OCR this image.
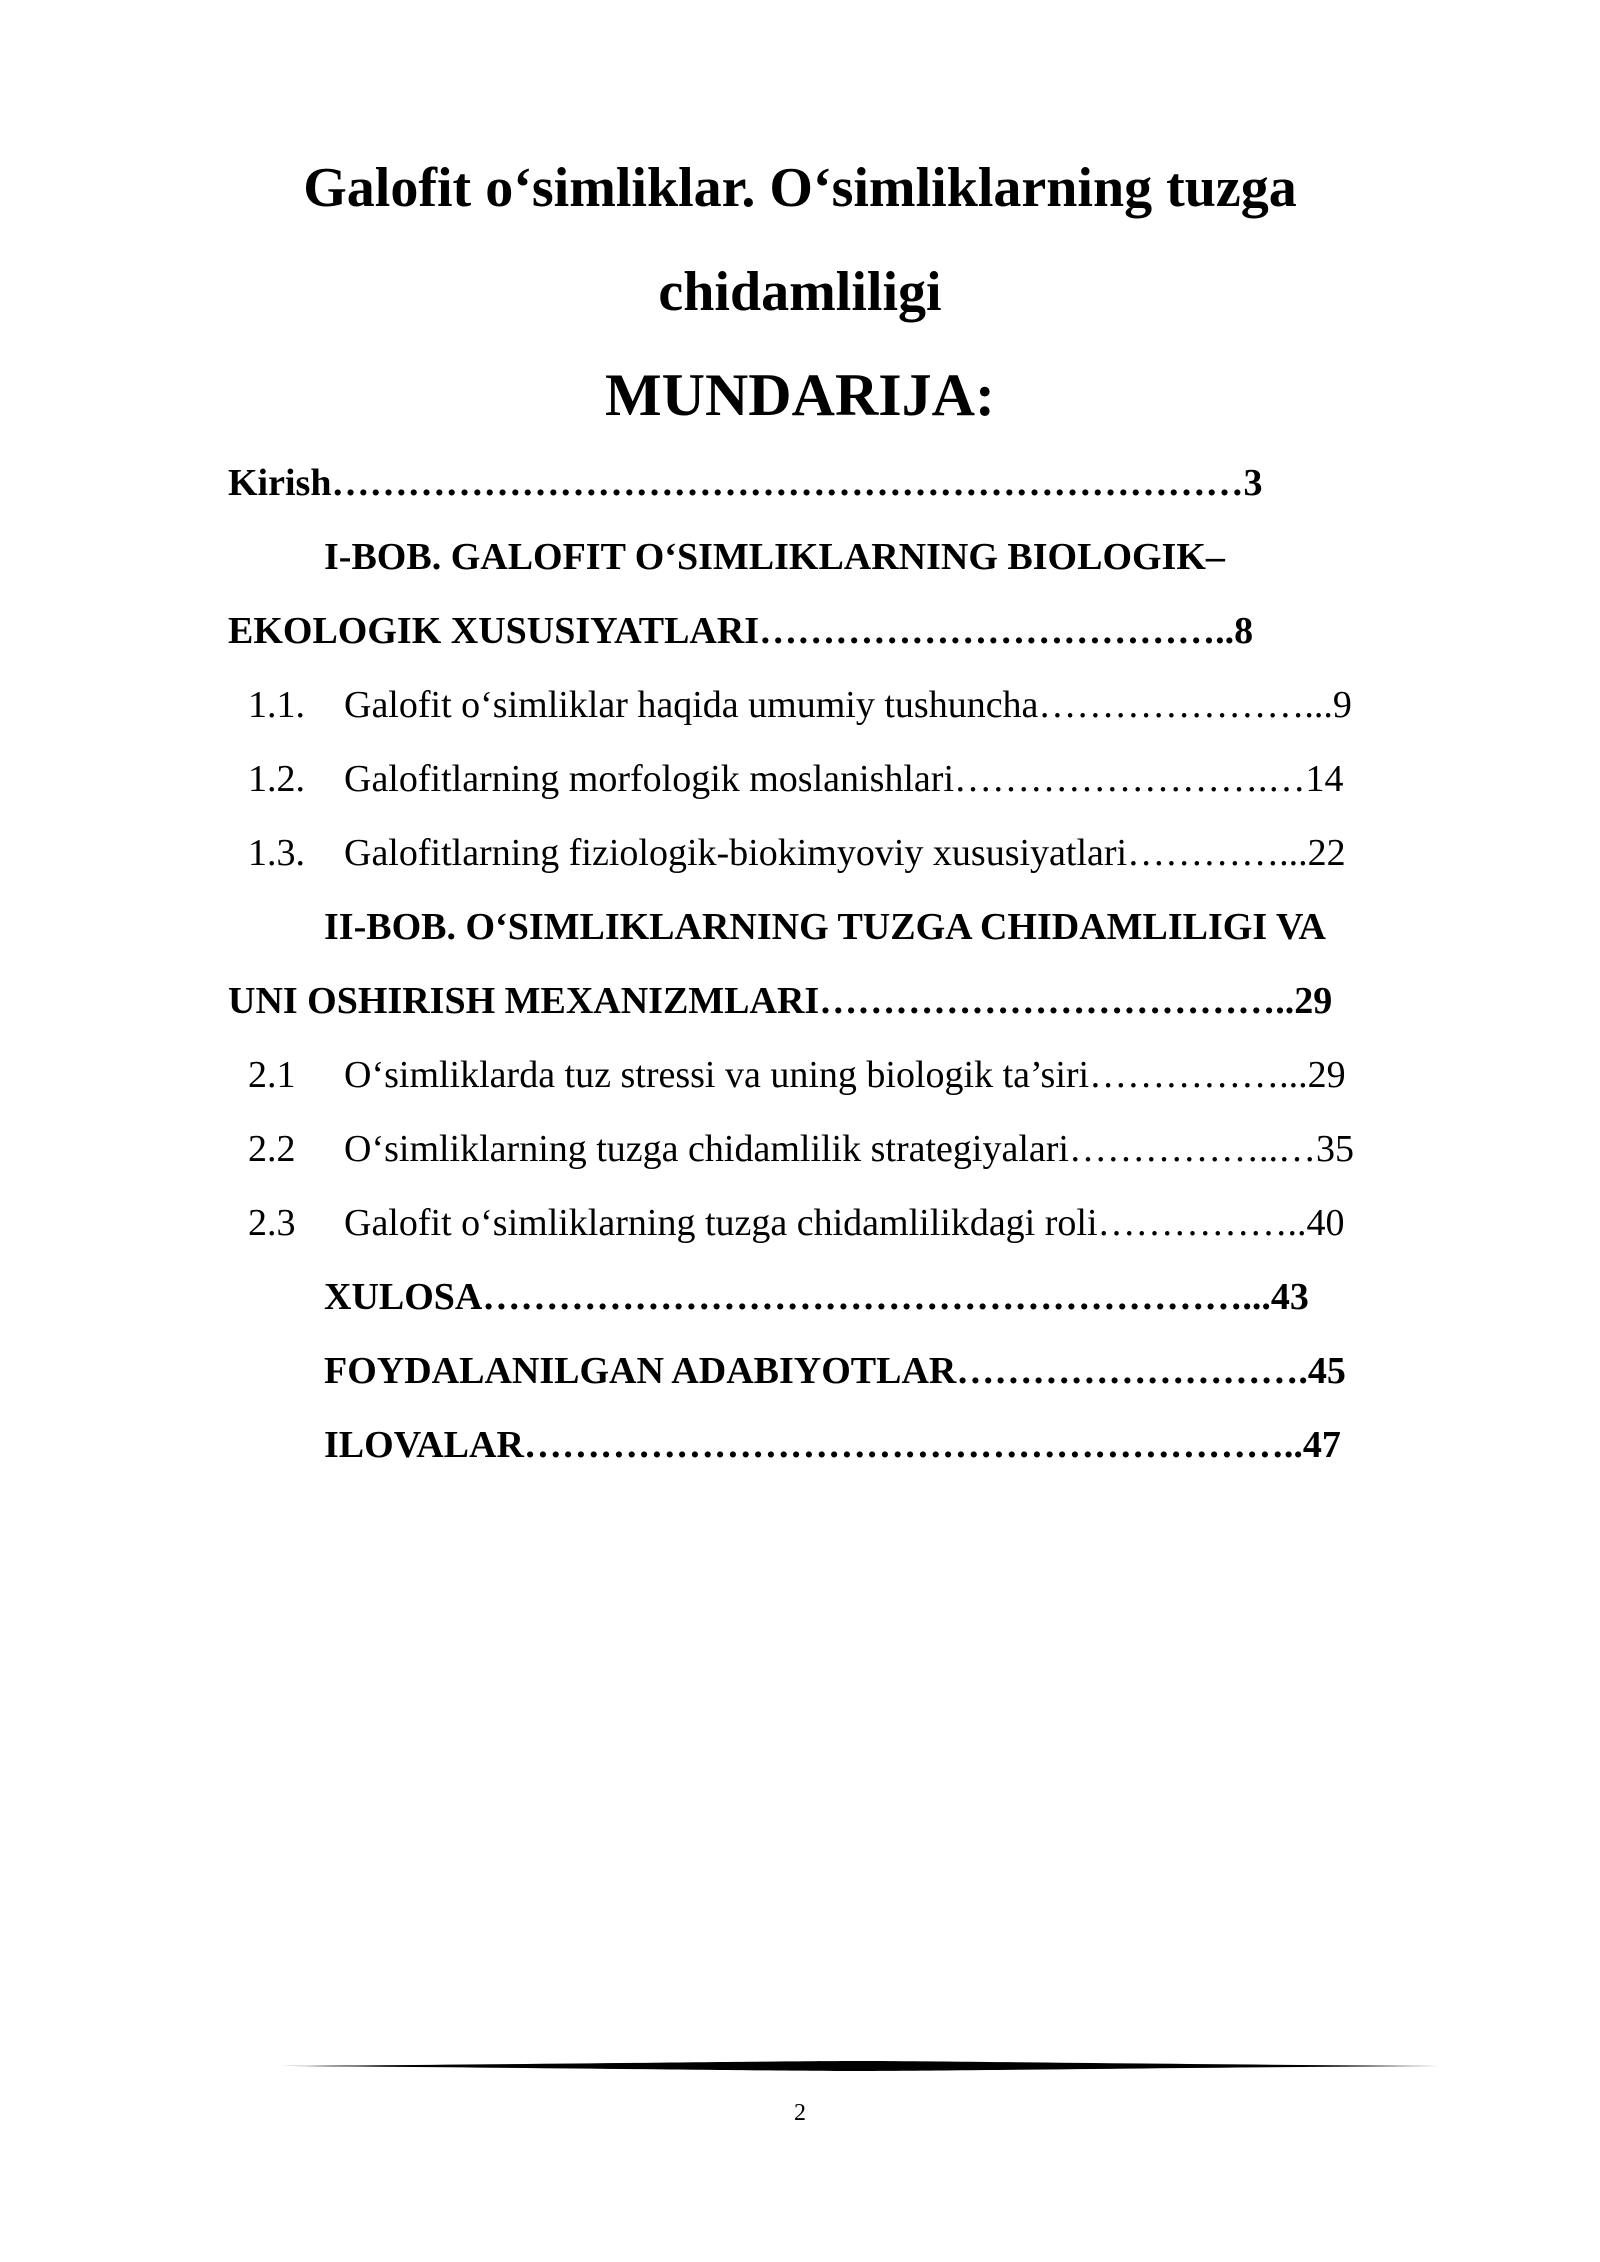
Galofit o‘simliklar. O‘simliklarning tuzga
chidamliligi
MUNDARIJA:
Kirish………………………………………………………………3
I-BOB. GALOFIT O‘SIMLIKLARNING BIOLOGIK–
EKOLOGIK XUSUSIYATLARI………………………………..8
1.1. Galofit o‘simliklar haqida umumiy tushuncha…………………...9
1.2. Galofitlarning morfologik moslanishlari…………………….…14
1.3. Galofitlarning fiziologik-biokimyoviy xususiyatlari…………...22
II-BOB. O‘SIMLIKLARNING TUZGA CHIDAMLILIGI VA
UNI OSHIRISH MEXANIZMLARI………………………………..29
2.1 O‘simliklarda tuz stressi va uning biologik ta’siri……………...29
2.2 O‘simliklarning tuzga chidamlilik strategiyalari……………..…35
2.3 Galofit o‘simliklarning tuzga chidamlilikdagi roli……………..40
XULOSA……………………………………………………...43
FOYDALANILGAN ADABIYOTLAR……………………….45
ILOVALAR……………………………………………………..47
2
